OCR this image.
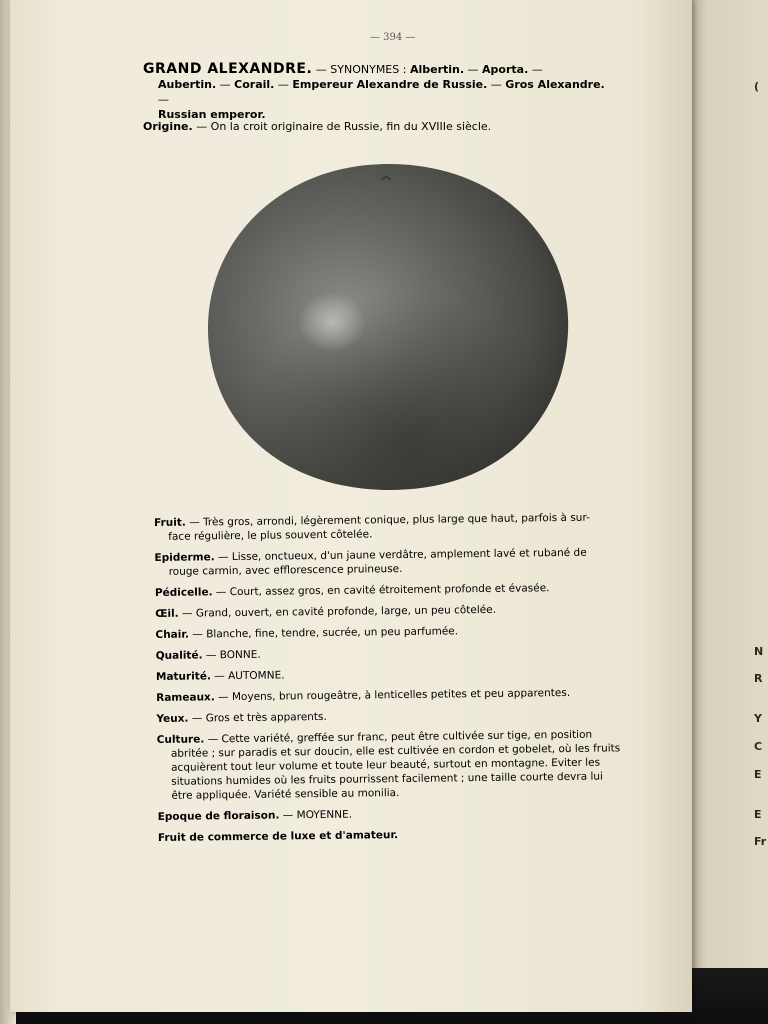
(
N
R
Y
C
E
E
Fr
— 394 —
GRAND ALEXANDRE. — SYNONYMES : Albertin. — Aporta. —
Aubertin. — Corail. — Empereur Alexandre de Russie. — Gros Alexandre. —
Russian emperor.
Origine. — On la croit originaire de Russie, fin du XVIIIe siècle.
Fruit. — Très gros, arrondi, légèrement conique, plus large que haut, parfois à sur-
face régulière, le plus souvent côtelée.
Epiderme. — Lisse, onctueux, d'un jaune verdâtre, amplement lavé et rubané de
rouge carmin, avec efflorescence pruineuse.
Pédicelle. — Court, assez gros, en cavité étroitement profonde et évasée.
Œil. — Grand, ouvert, en cavité profonde, large, un peu côtelée.
Chair. — Blanche, fine, tendre, sucrée, un peu parfumée.
Qualité. — BONNE.
Maturité. — AUTOMNE.
Rameaux. — Moyens, brun rougeâtre, à lenticelles petites et peu apparentes.
Yeux. — Gros et très apparents.
Culture. — Cette variété, greffée sur franc, peut être cultivée sur tige, en position
abritée ; sur paradis et sur doucin, elle est cultivée en cordon et gobelet, où les fruits acquièrent tout leur volume et toute leur beauté, surtout en montagne. Eviter les situations humides où les fruits pourrissent facilement ; une taille courte devra lui être appliquée. Variété sensible au monilia.
Epoque de floraison. — MOYENNE.
Fruit de commerce de luxe et d'amateur.
